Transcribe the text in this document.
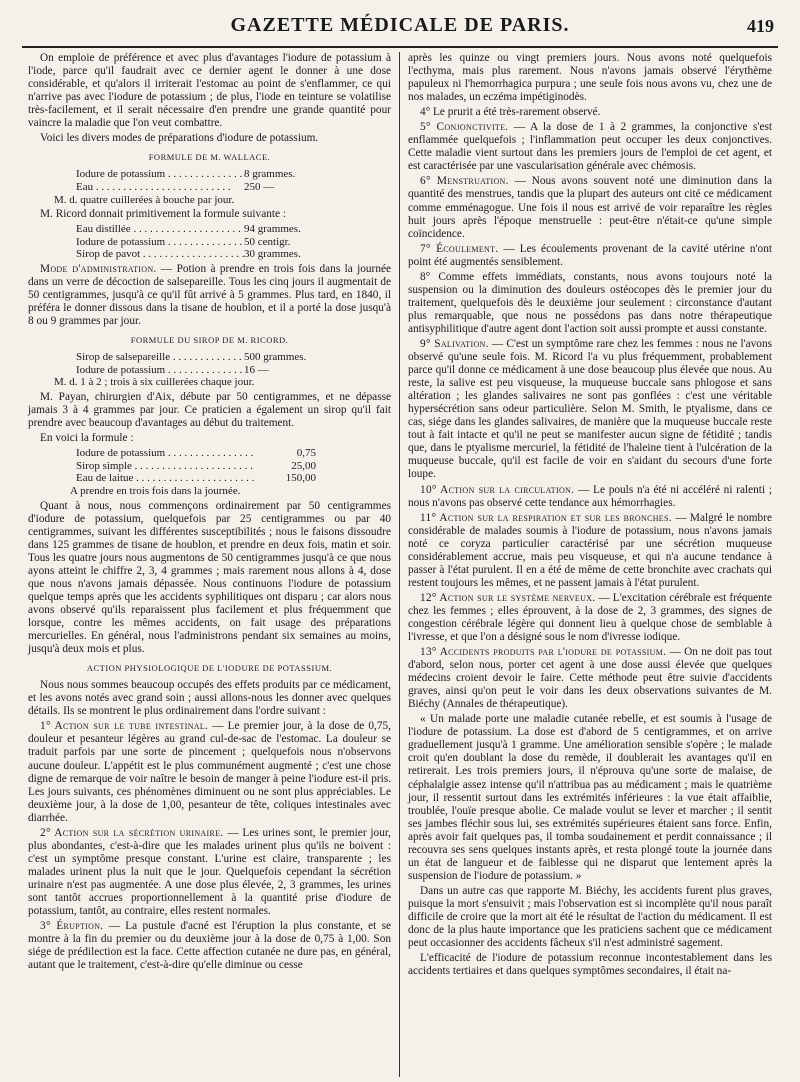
GAZETTE MÉDICALE DE PARIS.	419

On emploie de préférence et avec plus d'avantages l'iodure de potassium à l'iode, parce qu'il faudrait avec ce dernier agent le donner à une dose considérable, et qu'alors il irriterait l'estomac au point de s'enflammer, ce qui n'arrive pas avec l'iodure de potassium ; de plus, l'iode en teinture se volatilise très-facilement, et il serait nécessaire d'en prendre une grande quantité pour vaincre la maladie que l'on veut combattre.

Voici les divers modes de préparations d'iodure de potassium.

FORMULE DE M. WALLACE.

Iodure de potassium . . .	8 grammes.
Eau . . .	250 —
M. d. quatre cuillerées à bouche par jour.

M. Ricord donnait primitivement la formule suivante :

Eau distillée . . .	94 grammes.
Iodure de potassium . . .	50 centigr.
Sirop de pavot . . .	30 grammes.

Mode d'administration. — Potion à prendre en trois fois dans la journée dans un verre de décoction de salsepareille. Tous les cinq jours il augmentait de 50 centigrammes, jusqu'à ce qu'il fût arrivé à 5 grammes. Plus tard, en 1840, il préféra le donner dissous dans la tisane de houblon, et il a porté la dose jusqu'à 8 ou 9 grammes par jour.

FORMULE DU SIROP DE M. RICORD.

Sirop de salsepareille . . .	500 grammes.
Iodure de potassium . . .	16 —
M. d. 1 à 2 ; trois à six cuillerées chaque jour.

M. Payan, chirurgien d'Aix, débute par 50 centigrammes, et ne dépasse jamais 3 à 4 grammes par jour. Ce praticien a également un sirop qu'il fait prendre avec beaucoup d'avantages au début du traitement.

En voici la formule :

Iodure de potassium . . .	0,75
Sirop simple . . .	25,00
Eau de laitue . . .	150,00
A prendre en trois fois dans la journée.

Quant à nous, nous commençons ordinairement par 50 centigrammes d'iodure de potassium, quelquefois par 25 centigrammes ou par 40 centigrammes, suivant les différentes susceptibilités ; nous le faisons dissoudre dans 125 grammes de tisane de houblon, et prendre en deux fois, matin et soir. Tous les quatre jours nous augmentons de 50 centigrammes jusqu'à ce que nous ayons atteint le chiffre 2, 3, 4 grammes ; mais rarement nous allons à 4, dose que nous n'avons jamais dépassée. Nous continuons l'iodure de potassium quelque temps après que les accidents syphilitiques ont disparu ; car alors nous avons observé qu'ils reparaissent plus facilement et plus fréquemment que lorsque, contre les mêmes accidents, on fait usage des préparations mercurielles. En général, nous l'administrons pendant six semaines au moins, jusqu'à deux mois et plus.

ACTION PHYSIOLOGIQUE DE L'IODURE DE POTASSIUM.

Nous nous sommes beaucoup occupés des effets produits par ce médicament, et les avons notés avec grand soin ; aussi allons-nous les donner avec quelques détails. Ils se montrent le plus ordinairement dans l'ordre suivant :

1° Action sur le tube intestinal. — Le premier jour, à la dose de 0,75, douleur et pesanteur légères au grand cul-de-sac de l'estomac. La douleur se traduit parfois par une sorte de pincement ; quelquefois nous n'observons aucune douleur. L'appétit est le plus communément augmenté ; c'est une chose digne de remarque de voir naître le besoin de manger à peine l'iodure est-il pris. Les jours suivants, ces phénomènes diminuent ou ne sont plus appréciables. Le deuxième jour, à la dose de 1,00, pesanteur de tête, coliques intestinales avec diarrhée.

2° Action sur la sécrétion urinaire. — Les urines sont, le premier jour, plus abondantes, c'est-à-dire que les malades urinent plus qu'ils ne boivent : c'est un symptôme presque constant. L'urine est claire, transparente ; les malades urinent plus la nuit que le jour. Quelquefois cependant la sécrétion urinaire n'est pas augmentée. A une dose plus élevée, 2, 3 grammes, les urines sont tantôt accrues proportionnellement à la quantité prise d'iodure de potassium, tantôt, au contraire, elles restent normales.

3° Éruption. — La pustule d'acné est l'éruption la plus constante, et se montre à la fin du premier ou du deuxième jour à la dose de 0,75 à 1,00. Son siége de prédilection est la face. Cette affection cutanée ne dure pas, en général, autant que le traitement, c'est-à-dire qu'elle diminue ou cesse

après les quinze ou vingt premiers jours. Nous avons noté quelquefois l'ecthyma, mais plus rarement. Nous n'avons jamais observé l'érythème papuleux ni l'hemorrhagica purpura ; une seule fois nous avons vu, chez une de nos malades, un eczéma impétiginodès.

4° Le prurit a été très-rarement observé.

5° Conjonctivite. — A la dose de 1 à 2 grammes, la conjonctive s'est enflammée quelquefois ; l'inflammation peut occuper les deux conjonctives. Cette maladie vient surtout dans les premiers jours de l'emploi de cet agent, et est caractérisée par une vascularisation générale avec chémosis.

6° Menstruation. — Nous avons souvent noté une diminution dans la quantité des menstrues, tandis que la plupart des auteurs ont cité ce médicament comme emménagogue. Une fois il nous est arrivé de voir reparaître les règles huit jours après l'époque menstruelle : peut-être n'était-ce qu'une simple coïncidence.

7° Écoulement. — Les écoulements provenant de la cavité utérine n'ont point été augmentés sensiblement.

8° Comme effets immédiats, constants, nous avons toujours noté la suspension ou la diminution des douleurs ostéocopes dès le premier jour du traitement, quelquefois dès le deuxième jour seulement : circonstance d'autant plus remarquable, que nous ne possédons pas dans notre thérapeutique antisyphilitique d'autre agent dont l'action soit aussi prompte et aussi constante.

9° Salivation. — C'est un symptôme rare chez les femmes : nous ne l'avons observé qu'une seule fois. M. Ricord l'a vu plus fréquemment, probablement parce qu'il donne ce médicament à une dose beaucoup plus élevée que nous. Au reste, la salive est peu visqueuse, la muqueuse buccale sans phlogose et sans altération ; les glandes salivaires ne sont pas gonflées : c'est une véritable hypersécrétion sans odeur particulière. Selon M. Smith, le ptyalisme, dans ce cas, siége dans les glandes salivaires, de manière que la muqueuse buccale reste tout à fait intacte et qu'il ne peut se manifester aucun signe de fétidité ; tandis que, dans le ptyalisme mercuriel, la fétidité de l'haleine tient à l'ulcération de la muqueuse buccale, qu'il est facile de voir en s'aidant du secours d'une forte loupe.

10° Action sur la circulation. — Le pouls n'a été ni accéléré ni ralenti ; nous n'avons pas observé cette tendance aux hémorrhagies.

11° Action sur la respiration et sur les bronches. — Malgré le nombre considérable de malades soumis à l'iodure de potassium, nous n'avons jamais noté ce coryza particulier caractérisé par une sécrétion muqueuse considérablement accrue, mais peu visqueuse, et qui n'a aucune tendance à passer à l'état purulent. Il en a été de même de cette bronchite avec crachats qui restent toujours les mêmes, et ne passent jamais à l'état purulent.

12° Action sur le système nerveux. — L'excitation cérébrale est fréquente chez les femmes ; elles éprouvent, à la dose de 2, 3 grammes, des signes de congestion cérébrale légère qui donnent lieu à quelque chose de semblable à l'ivresse, et que l'on a désigné sous le nom d'ivresse iodique.

13° Accidents produits par l'iodure de potassium. — On ne doit pas tout d'abord, selon nous, porter cet agent à une dose aussi élevée que quelques médecins croient devoir le faire. Cette méthode peut être suivie d'accidents graves, ainsi qu'on peut le voir dans les deux observations suivantes de M. Biéchy (Annales de thérapeutique).

« Un malade porte une maladie cutanée rebelle, et est soumis à l'usage de l'iodure de potassium. La dose est d'abord de 5 centigrammes, et on arrive graduellement jusqu'à 1 gramme. Une amélioration sensible s'opère ; le malade croit qu'en doublant la dose du remède, il doublerait les avantages qu'il en retirerait. Les trois premiers jours, il n'éprouva qu'une sorte de malaise, de céphalalgie assez intense qu'il n'attribua pas au médicament ; mais le quatrième jour, il ressentit surtout dans les extrémités inférieures : la vue était affaiblie, troublée, l'ouïe presque abolie. Ce malade voulut se lever et marcher ; il sentit ses jambes fléchir sous lui, ses extrémités supérieures étaient sans force. Enfin, après avoir fait quelques pas, il tomba soudainement et perdit connaissance ; il recouvra ses sens quelques instants après, et resta plongé toute la journée dans un état de langueur et de faiblesse qui ne disparut que lentement après la suspension de l'iodure de potassium. »

Dans un autre cas que rapporte M. Biéchy, les accidents furent plus graves, puisque la mort s'ensuivit ; mais l'observation est si incomplète qu'il nous paraît difficile de croire que la mort ait été le résultat de l'action du médicament. Il est donc de la plus haute importance que les praticiens sachent que ce médicament peut occasionner des accidents fâcheux s'il n'est administré sagement.

L'efficacité de l'iodure de potassium reconnue incontestablement dans les accidents tertiaires et dans quelques symptômes secondaires, il était na-
